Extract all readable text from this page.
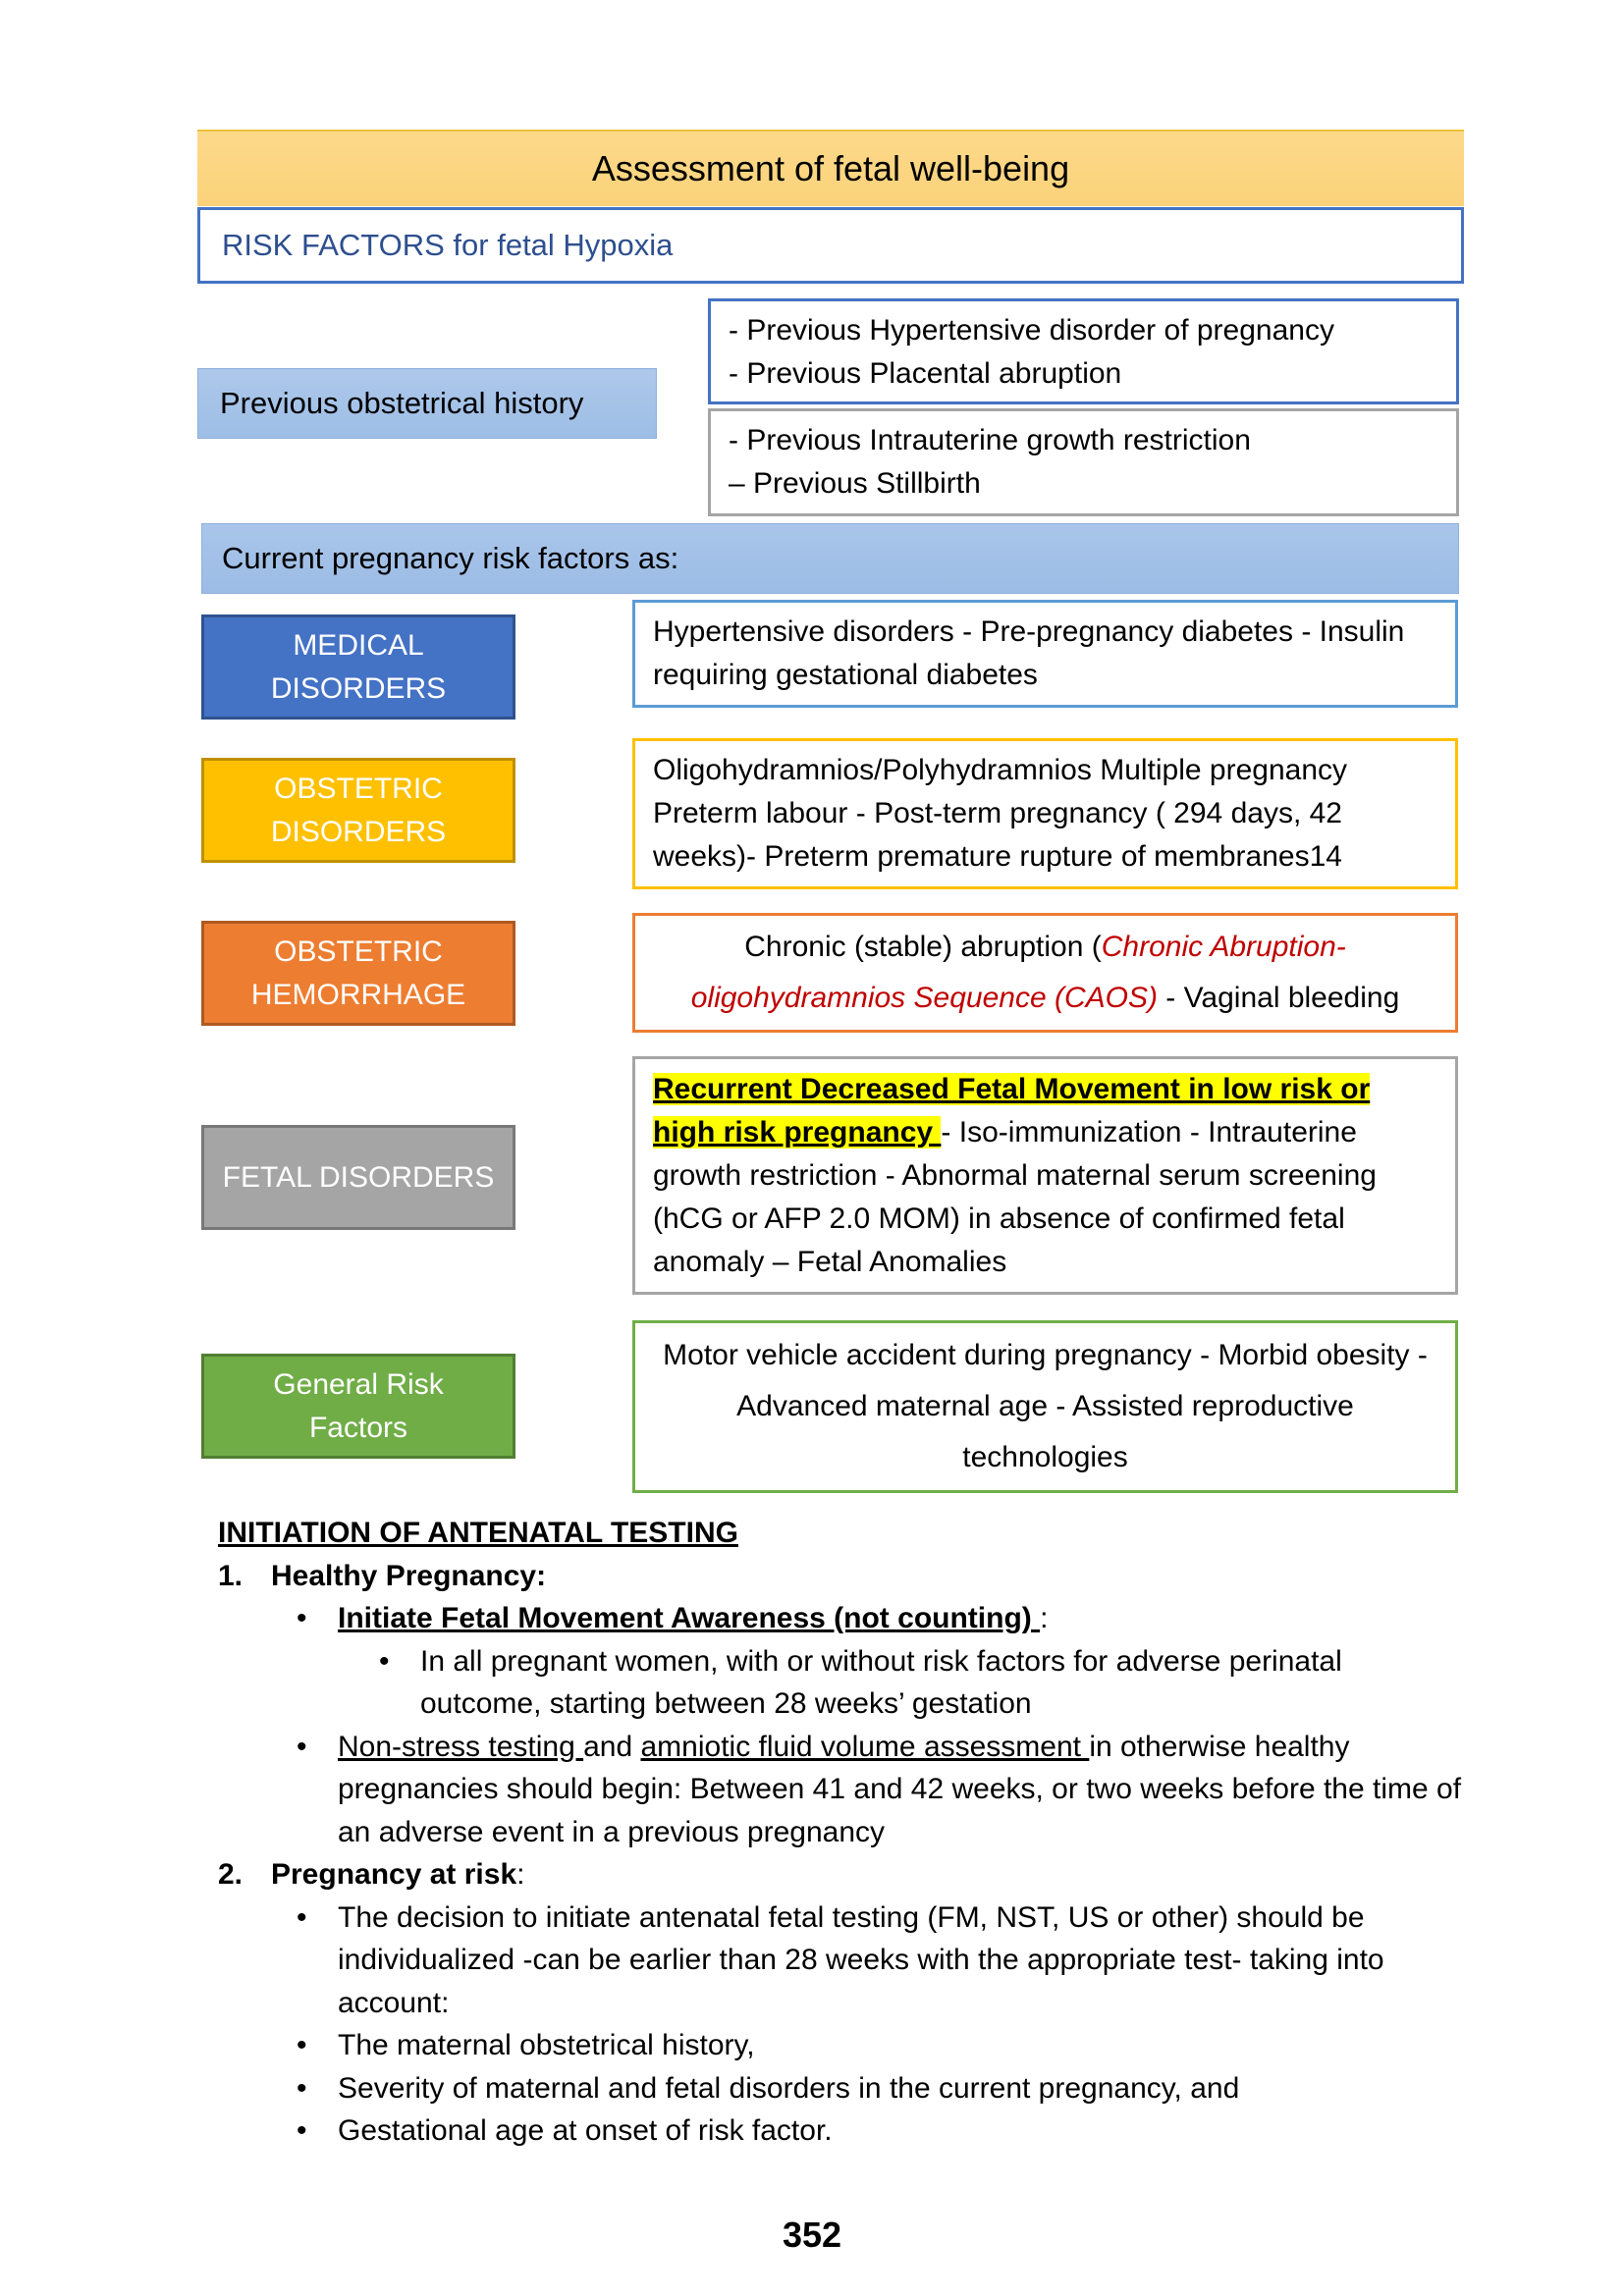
Assessment of fetal well-being
RISK FACTORS for fetal Hypoxia
Previous obstetrical history
- Previous Hypertensive disorder of pregnancy
- Previous Placental abruption
- Previous Intrauterine growth restriction
– Previous Stillbirth
Current pregnancy risk factors as:
MEDICAL
DISORDERS
OBSTETRIC
DISORDERS
OBSTETRIC
HEMORRHAGE
FETAL DISORDERS
General Risk
Factors
Hypertensive disorders - Pre-pregnancy diabetes - Insulin requiring gestational diabetes
Oligohydramnios/Polyhydramnios Multiple pregnancy Preterm labour - Post-term pregnancy ( 294 days, 42 weeks)- Preterm premature rupture of membranes14
Chronic (stable) abruption (Chronic Abruption-oligohydramnios Sequence (CAOS) - Vaginal bleeding
Recurrent Decreased Fetal Movement in low risk or high risk pregnancy - Iso-immunization - Intrauterine growth restriction - Abnormal maternal serum screening (hCG or AFP 2.0 MOM) in absence of confirmed fetal anomaly – Fetal Anomalies
Motor vehicle accident during pregnancy - Morbid obesity - Advanced maternal age - Assisted reproductive technologies
INITIATION OF ANTENATAL TESTING
1. Healthy Pregnancy:
•	Initiate Fetal Movement Awareness (not counting) :
•	In all pregnant women, with or without risk factors for adverse perinatal outcome, starting between 28 weeks’ gestation
•	Non-stress testing and amniotic fluid volume assessment in otherwise healthy pregnancies should begin: Between 41 and 42 weeks, or two weeks before the time of an adverse event in a previous pregnancy
2. Pregnancy at risk:
•	The decision to initiate antenatal fetal testing (FM, NST, US or other) should be individualized -can be earlier than 28 weeks with the appropriate test- taking into account:
•	The maternal obstetrical history,
•	Severity of maternal and fetal disorders in the current pregnancy, and
•	Gestational age at onset of risk factor.
352
